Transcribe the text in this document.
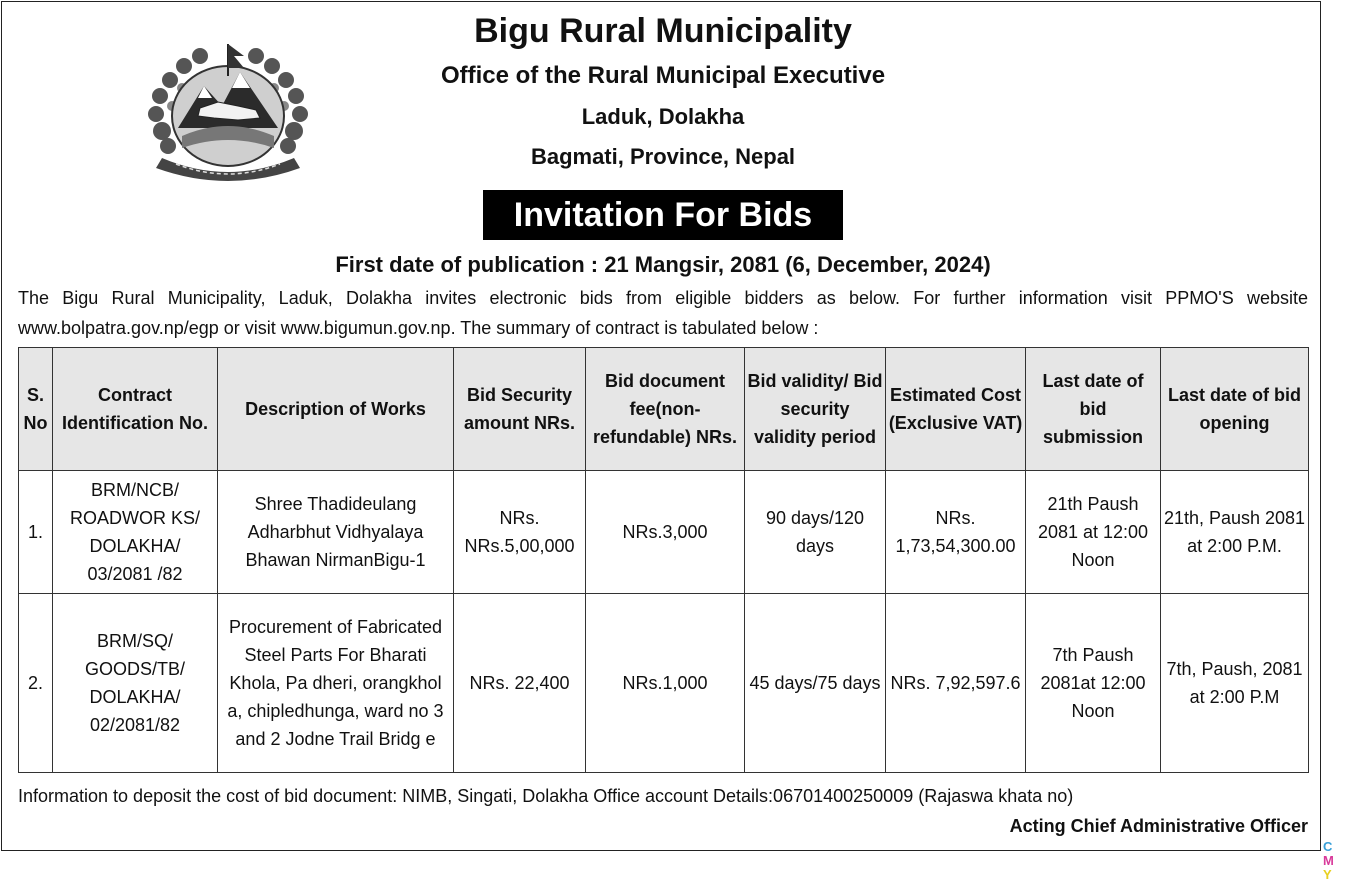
Bigu Rural Municipality
Office of the Rural Municipal Executive
Laduk, Dolakha
Bagmati, Province, Nepal
Invitation For Bids
First date of publication : 21 Mangsir, 2081 (6, December, 2024)
The Bigu Rural Municipality, Laduk, Dolakha invites electronic bids from eligible bidders as below. For further information visit PPMO'S website www.bolpatra.gov.np/egp or visit www.bigumun.gov.np. The summary of contract is tabulated below :
S. No	Contract Identification No.	Description of Works	Bid Security amount NRs.	Bid document fee(non-refundable) NRs.	Bid validity/ Bid security validity period	Estimated Cost (Exclusive VAT)	Last date of bid submission	Last date of bid opening
1.	BRM/NCB/ ROADWOR KS/ DOLAKHA/ 03/2081 /82	Shree Thadideulang Adharbhut Vidhyalaya Bhawan NirmanBigu-1	NRs. NRs.5,00,000	NRs.3,000	90 days/120 days	NRs. 1,73,54,300.00	21th Paush 2081 at 12:00 Noon	21th, Paush 2081 at 2:00 P.M.
2.	BRM/SQ/ GOODS/TB/ DOLAKHA/ 02/2081/82	Procurement of Fabricated Steel Parts For Bharati Khola, Pa dheri, orangkhol a, chipledhunga, ward no 3 and 2 Jodne Trail Bridg e	NRs. 22,400	NRs.1,000	45 days/75 days	NRs. 7,92,597.6	7th Paush 2081at 12:00 Noon	7th, Paush, 2081 at 2:00 P.M
Information to deposit the cost of bid document: NIMB, Singati, Dolakha Office account Details:06701400250009 (Rajaswa khata no)
Acting Chief Administrative Officer
C
M
Y
